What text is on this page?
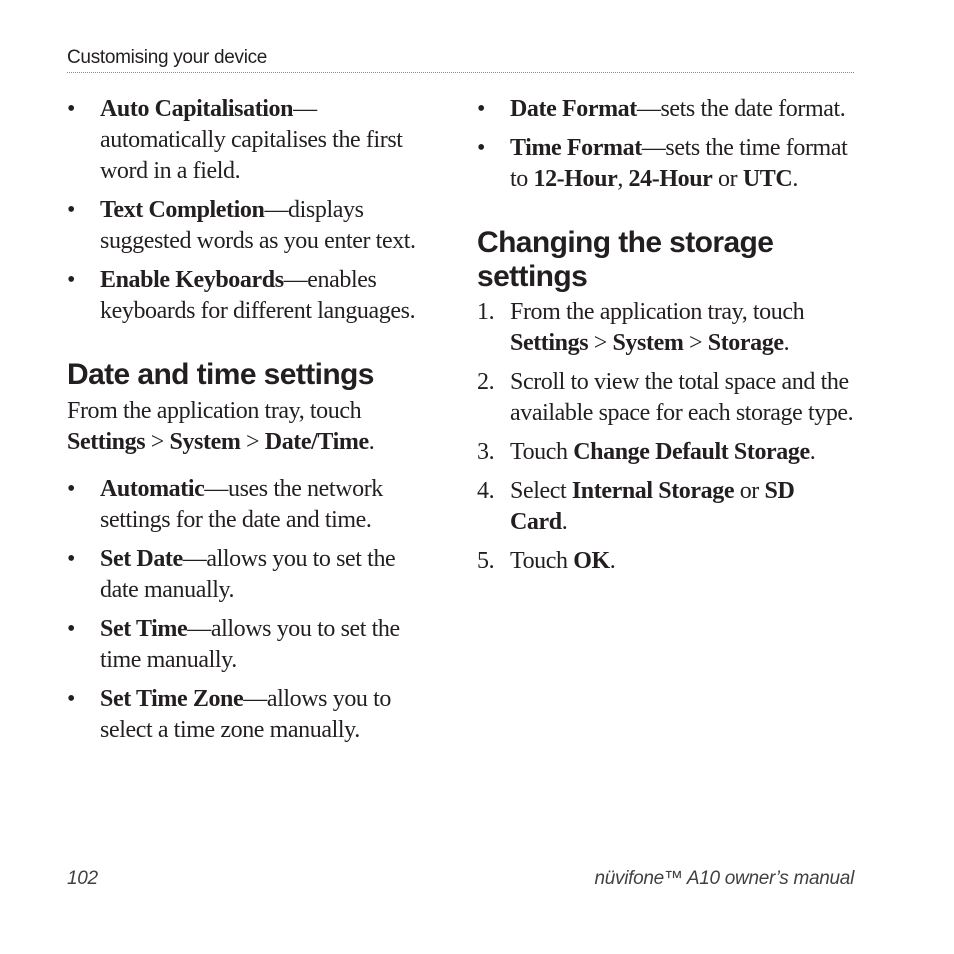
Customising your device
• Auto Capitalisation—automatically capitalises the first word in a field.
• Text Completion—displays suggested words as you enter text.
• Enable Keyboards—enables keyboards for different languages.
Date and time settings

From the application tray, touch Settings > System > Date/Time.

• Automatic—uses the network settings for the date and time.
• Set Date—allows you to set the date manually.
• Set Time—allows you to set the time manually.
• Set Time Zone—allows you to select a time zone manually.
• Date Format—sets the date format.
• Time Format—sets the time format to 12-Hour, 24-Hour or UTC.
Changing the storage settings
1. From the application tray, touch Settings > System > Storage.
2. Scroll to view the total space and the available space for each storage type.
3. Touch Change Default Storage.
4. Select Internal Storage or SD Card.
5. Touch OK.
102	nüvifone™ A10 owner’s manual
